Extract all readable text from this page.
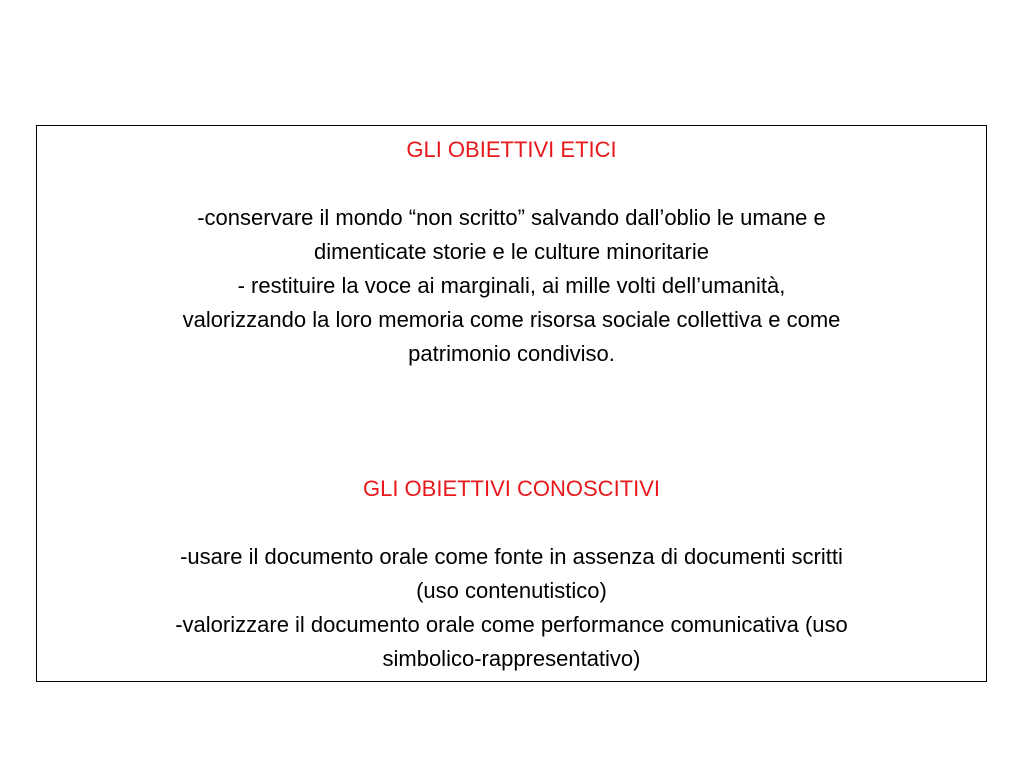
GLI OBIETTIVI ETICI

-conservare il mondo “non scritto” salvando dall’oblio le umane e

dimenticate storie e le culture minoritarie

- restituire la voce ai marginali, ai mille volti dell’umanità,

valorizzando la loro memoria come risorsa sociale collettiva e come

patrimonio condiviso.

GLI OBIETTIVI CONOSCITIVI

-usare il documento orale come fonte in assenza di documenti scritti

(uso contenutistico)

-valorizzare il documento orale come performance comunicativa (uso

simbolico-rappresentativo)
